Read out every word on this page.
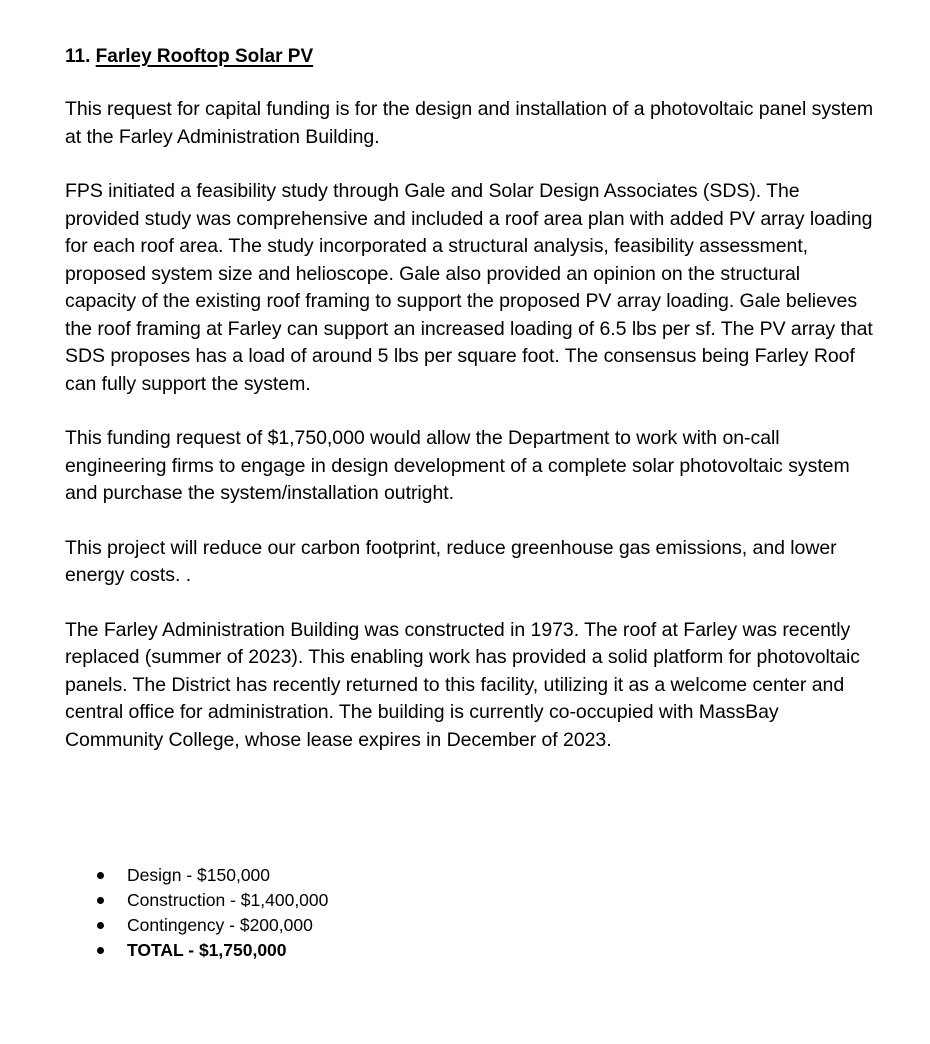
11. Farley Rooftop Solar PV

This request for capital funding is for the design and installation of a photovoltaic panel system at the Farley Administration Building.

FPS initiated a feasibility study through Gale and Solar Design Associates (SDS). The provided study was comprehensive and included a roof area plan with added PV array loading for each roof area. The study incorporated a structural analysis, feasibility assessment, proposed system size and helioscope. Gale also provided an opinion on the structural capacity of the existing roof framing to support the proposed PV array loading. Gale believes the roof framing at Farley can support an increased loading of 6.5 lbs per sf. The PV array that SDS proposes has a load of around 5 lbs per square foot. The consensus being Farley Roof can fully support the system.

This funding request of $1,750,000 would allow the Department to work with on-call engineering firms to engage in design development of a complete solar photovoltaic system and purchase the system/installation outright.

This project will reduce our carbon footprint, reduce greenhouse gas emissions, and lower energy costs. .

The Farley Administration Building was constructed in 1973. The roof at Farley was recently replaced (summer of 2023). This enabling work has provided a solid platform for photovoltaic panels. The District has recently returned to this facility, utilizing it as a welcome center and central office for administration. The building is currently co-occupied with MassBay Community College, whose lease expires in December of 2023.

Design - $150,000
Construction - $1,400,000
Contingency - $200,000
TOTAL - $1,750,000
